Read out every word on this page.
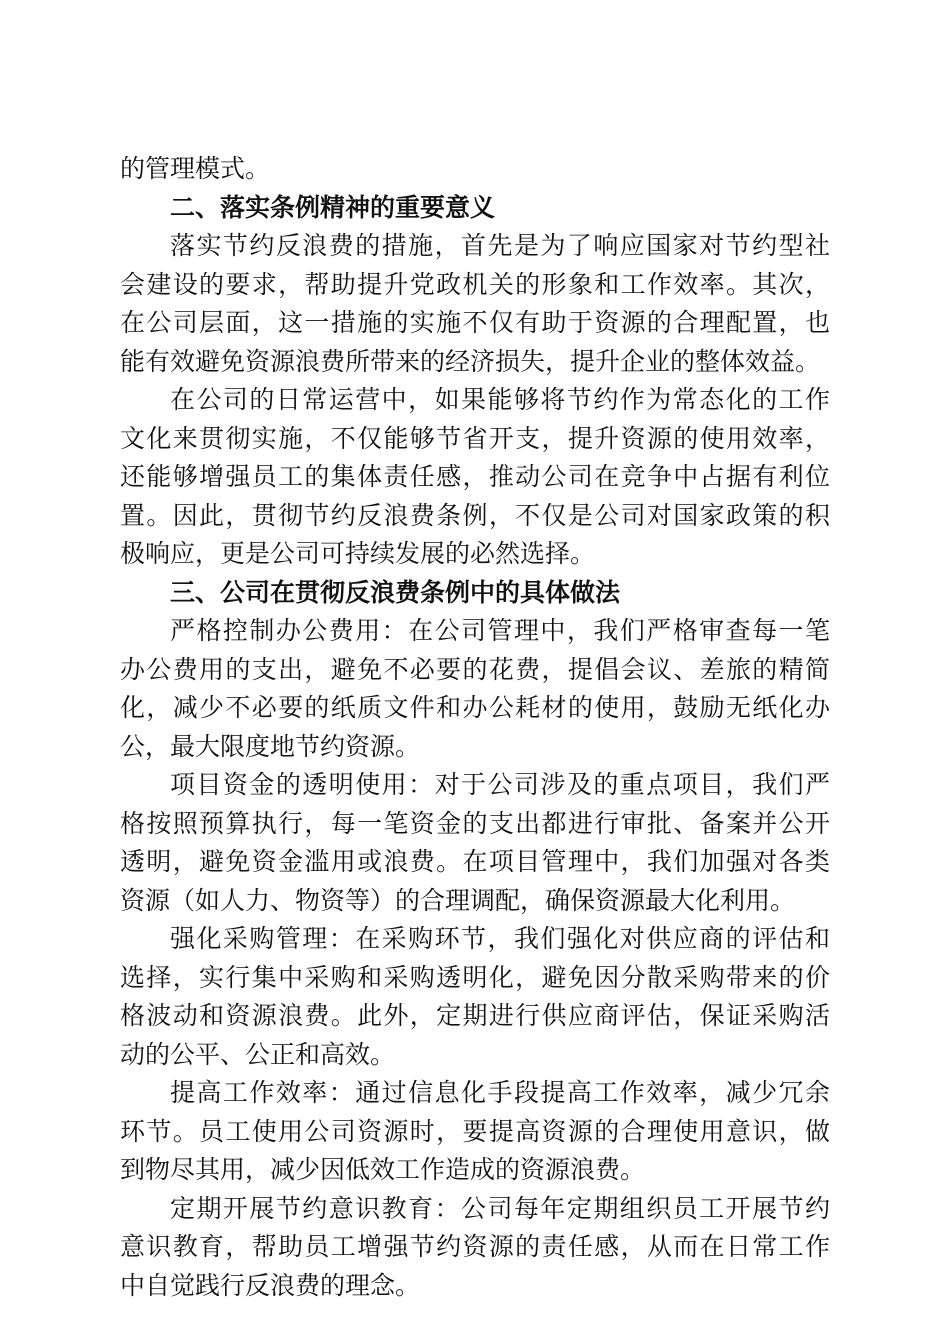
的管理模式。
二、落实条例精神的重要意义
落实节约反浪费的措施，首先是为了响应国家对节约型社
会建设的要求，帮助提升党政机关的形象和工作效率。其次，
在公司层面，这一措施的实施不仅有助于资源的合理配置，也
能有效避免资源浪费所带来的经济损失，提升企业的整体效益。
在公司的日常运营中，如果能够将节约作为常态化的工作
文化来贯彻实施，不仅能够节省开支，提升资源的使用效率，
还能够增强员工的集体责任感，推动公司在竞争中占据有利位
置。因此，贯彻节约反浪费条例，不仅是公司对国家政策的积
极响应，更是公司可持续发展的必然选择。
三、公司在贯彻反浪费条例中的具体做法
严格控制办公费用：在公司管理中，我们严格审查每一笔
办公费用的支出，避免不必要的花费，提倡会议、差旅的精简
化，减少不必要的纸质文件和办公耗材的使用，鼓励无纸化办
公，最大限度地节约资源。
项目资金的透明使用：对于公司涉及的重点项目，我们严
格按照预算执行，每一笔资金的支出都进行审批、备案并公开
透明，避免资金滥用或浪费。在项目管理中，我们加强对各类
资源（如人力、物资等）的合理调配，确保资源最大化利用。
强化采购管理：在采购环节，我们强化对供应商的评估和
选择，实行集中采购和采购透明化，避免因分散采购带来的价
格波动和资源浪费。此外，定期进行供应商评估，保证采购活
动的公平、公正和高效。
提高工作效率：通过信息化手段提高工作效率，减少冗余
环节。员工使用公司资源时，要提高资源的合理使用意识，做
到物尽其用，减少因低效工作造成的资源浪费。
定期开展节约意识教育：公司每年定期组织员工开展节约
意识教育，帮助员工增强节约资源的责任感，从而在日常工作
中自觉践行反浪费的理念。
